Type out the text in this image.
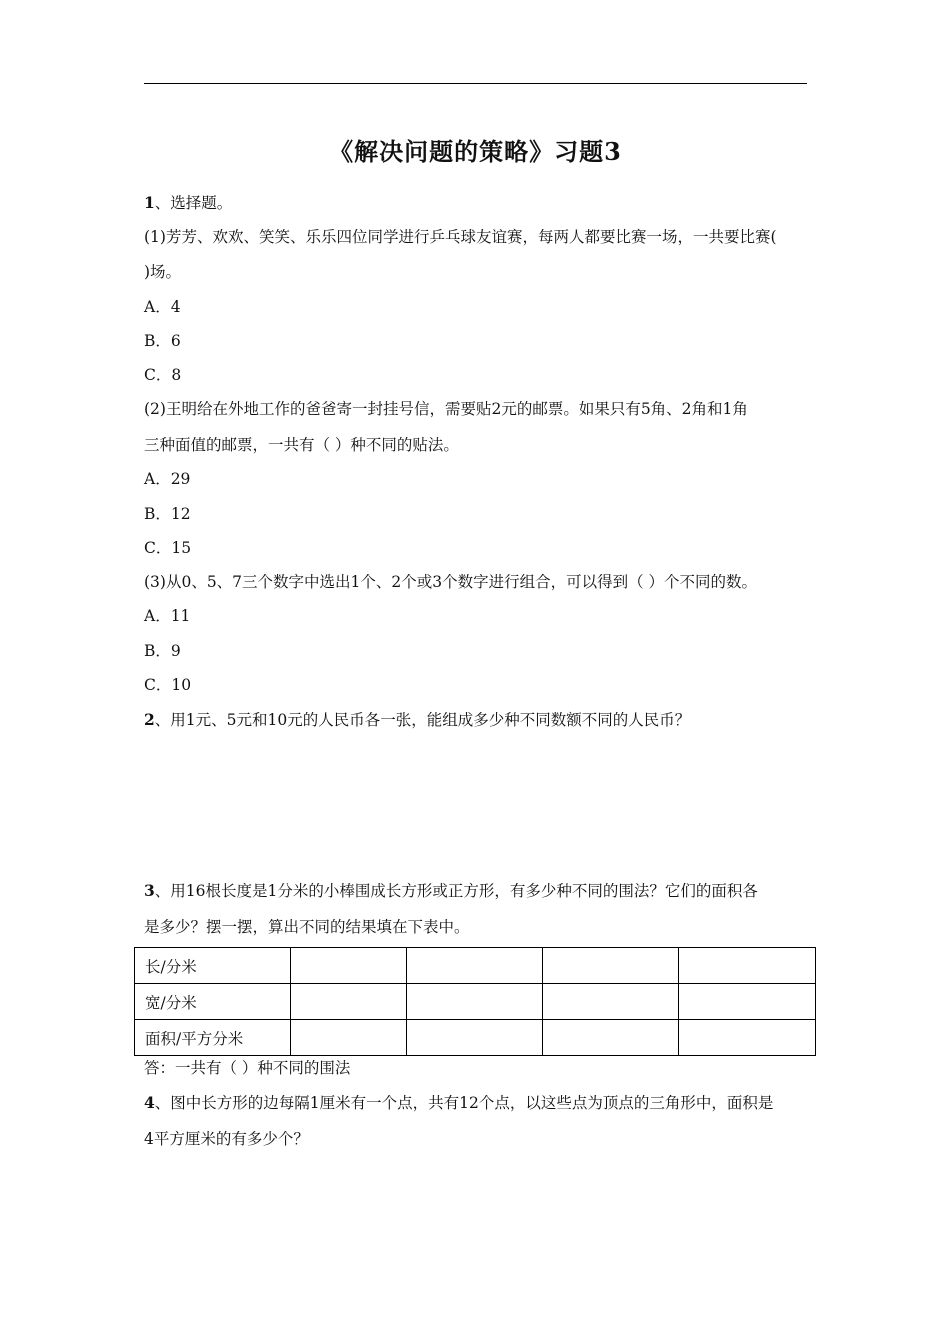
《解决问题的策略》习题3
1、选择题。
(1)芳芳、欢欢、笑笑、乐乐四位同学进行乒乓球友谊赛，每两人都要比赛一场，一共要比赛(
)场。
A．4
B．6
C．8
(2)王明给在外地工作的爸爸寄一封挂号信，需要贴2元的邮票。如果只有5角、2角和1角
三种面值的邮票，一共有（ ）种不同的贴法。
A．29
B．12
C．15
(3)从0、5、7三个数字中选出1个、2个或3个数字进行组合，可以得到（ ）个不同的数。
A．11
B．9
C．10
2、用1元、5元和10元的人民币各一张，能组成多少种不同数额不同的人民币？
3、用16根长度是1分米的小棒围成长方形或正方形，有多少种不同的围法？它们的面积各
是多少？摆一摆，算出不同的结果填在下表中。
长/分米				
宽/分米				
面积/平方分米				
答：一共有（ ）种不同的围法
4、图中长方形的边每隔1厘米有一个点，共有12个点，以这些点为顶点的三角形中，面积是
4平方厘米的有多少个？
